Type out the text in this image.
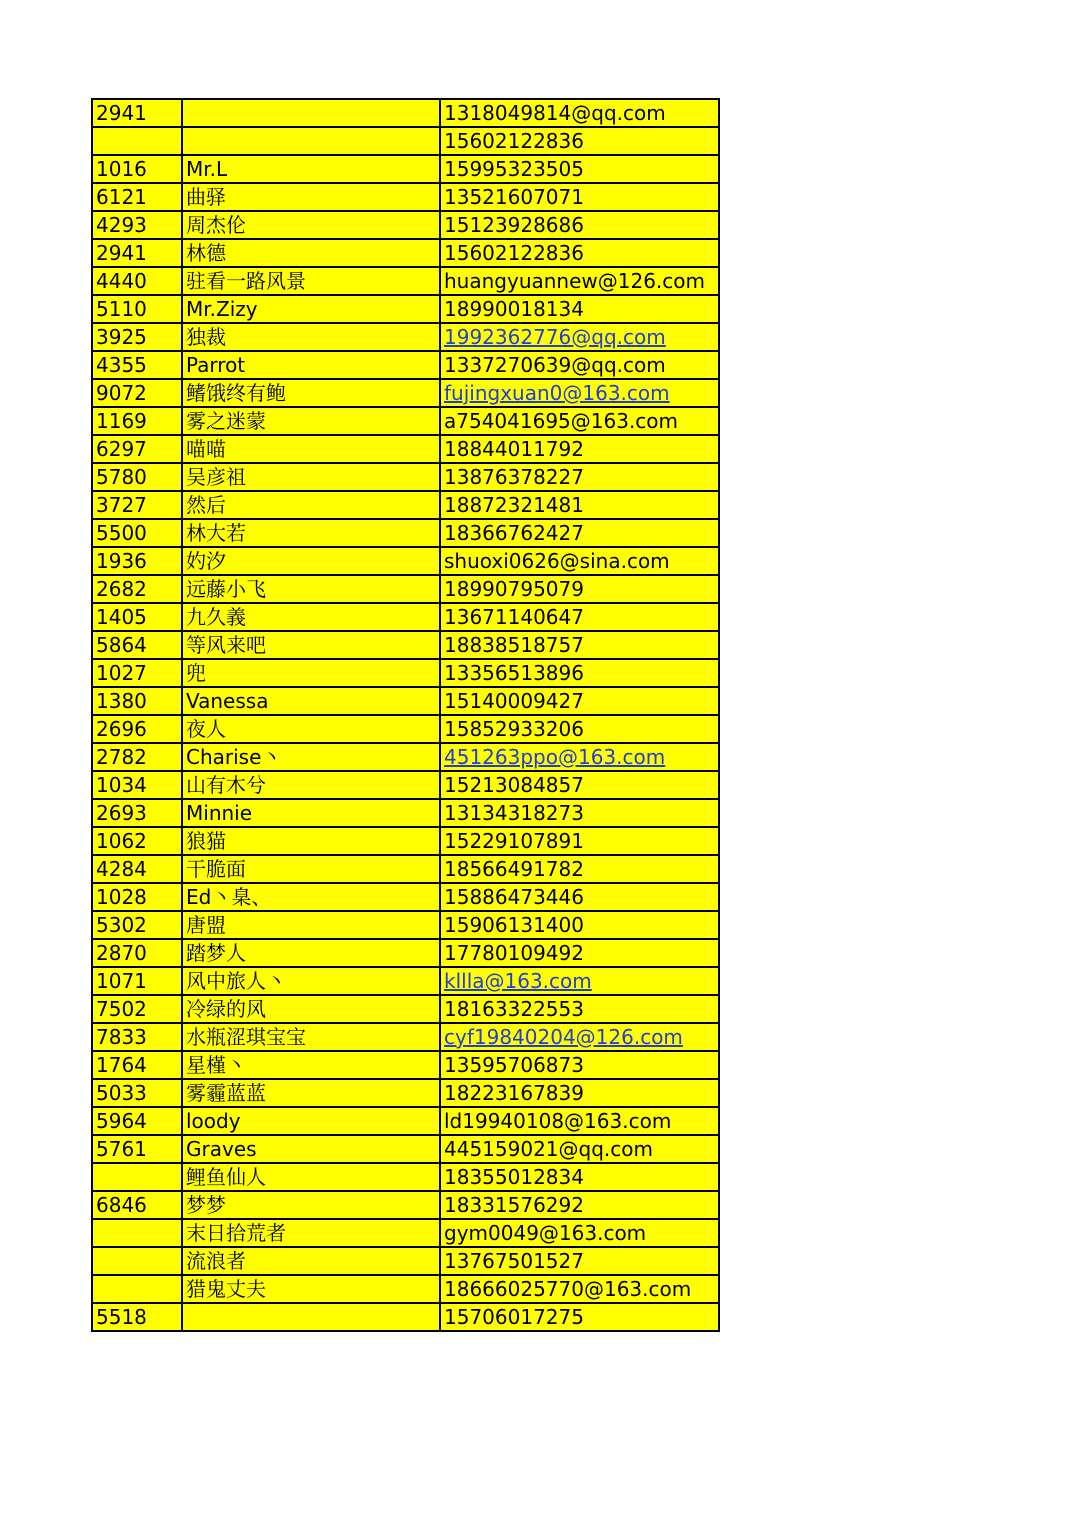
2941		1318049814@qq.com
		15602122836
1016	Mr.L	15995323505
6121	曲驿	13521607071
4293	周杰伦	15123928686
2941	林德	15602122836
4440	驻看一路风景	huangyuannew@126.com
5110	Mr.Zizy	18990018134
3925	独裁	1992362776@qq.com
4355	Parrot	1337270639@qq.com
9072	鳍饿终有鲍	fujingxuan0@163.com
1169	雾之迷蒙	a754041695@163.com
6297	喵喵	18844011792
5780	吴彦祖	13876378227
3727	然后	18872321481
5500	林大若	18366762427
1936	妁汐	shuoxi0626@sina.com
2682	远藤小飞	18990795079
1405	九久義	13671140647
5864	等风来吧	18838518757
1027	兜	13356513896
1380	Vanessa	15140009427
2696	夜人	15852933206
2782	Charise丶	451263ppo@163.com
1034	山有木兮	15213084857
2693	Minnie	13134318273
1062	狼猫	15229107891
4284	干脆面	18566491782
1028	Ed丶臬、	15886473446
5302	唐盟	15906131400
2870	踏梦人	17780109492
1071	风中旅人丶	kllla@163.com
7502	冷绿的风	18163322553
7833	水瓶涩琪宝宝	cyf19840204@126.com
1764	星槿丶	13595706873
5033	雾霾蓝蓝	18223167839
5964	loody	ld19940108@163.com
5761	Graves	445159021@qq.com
	鲤鱼仙人	18355012834
6846	梦梦	18331576292
	末日拾荒者	gym0049@163.com
	流浪者	13767501527
	猎鬼丈夫	18666025770@163.com
5518		15706017275
